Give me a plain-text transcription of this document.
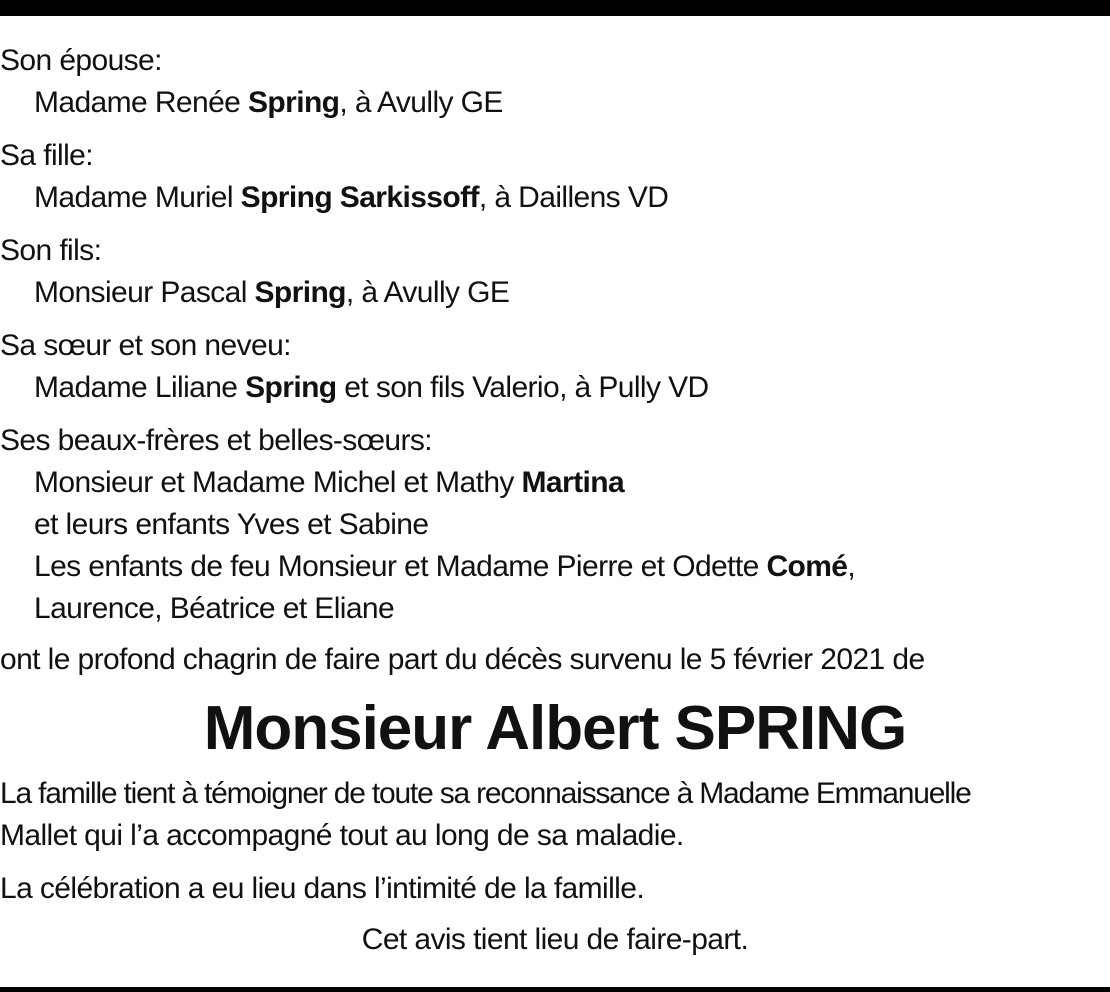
Son épouse:
Madame Renée Spring, à Avully GE
Sa fille:
Madame Muriel Spring Sarkissoff, à Daillens VD
Son fils:
Monsieur Pascal Spring, à Avully GE
Sa sœur et son neveu:
Madame Liliane Spring et son fils Valerio, à Pully VD
Ses beaux-frères et belles-sœurs:
Monsieur et Madame Michel et Mathy Martina
et leurs enfants Yves et Sabine
Les enfants de feu Monsieur et Madame Pierre et Odette Comé,
Laurence, Béatrice et Eliane
ont le profond chagrin de faire part du décès survenu le 5 février 2021 de
Monsieur Albert SPRING
La famille tient à témoigner de toute sa reconnaissance à Madame Emmanuelle
Mallet qui l’a accompagné tout au long de sa maladie.
La célébration a eu lieu dans l’intimité de la famille.
Cet avis tient lieu de faire-part.
